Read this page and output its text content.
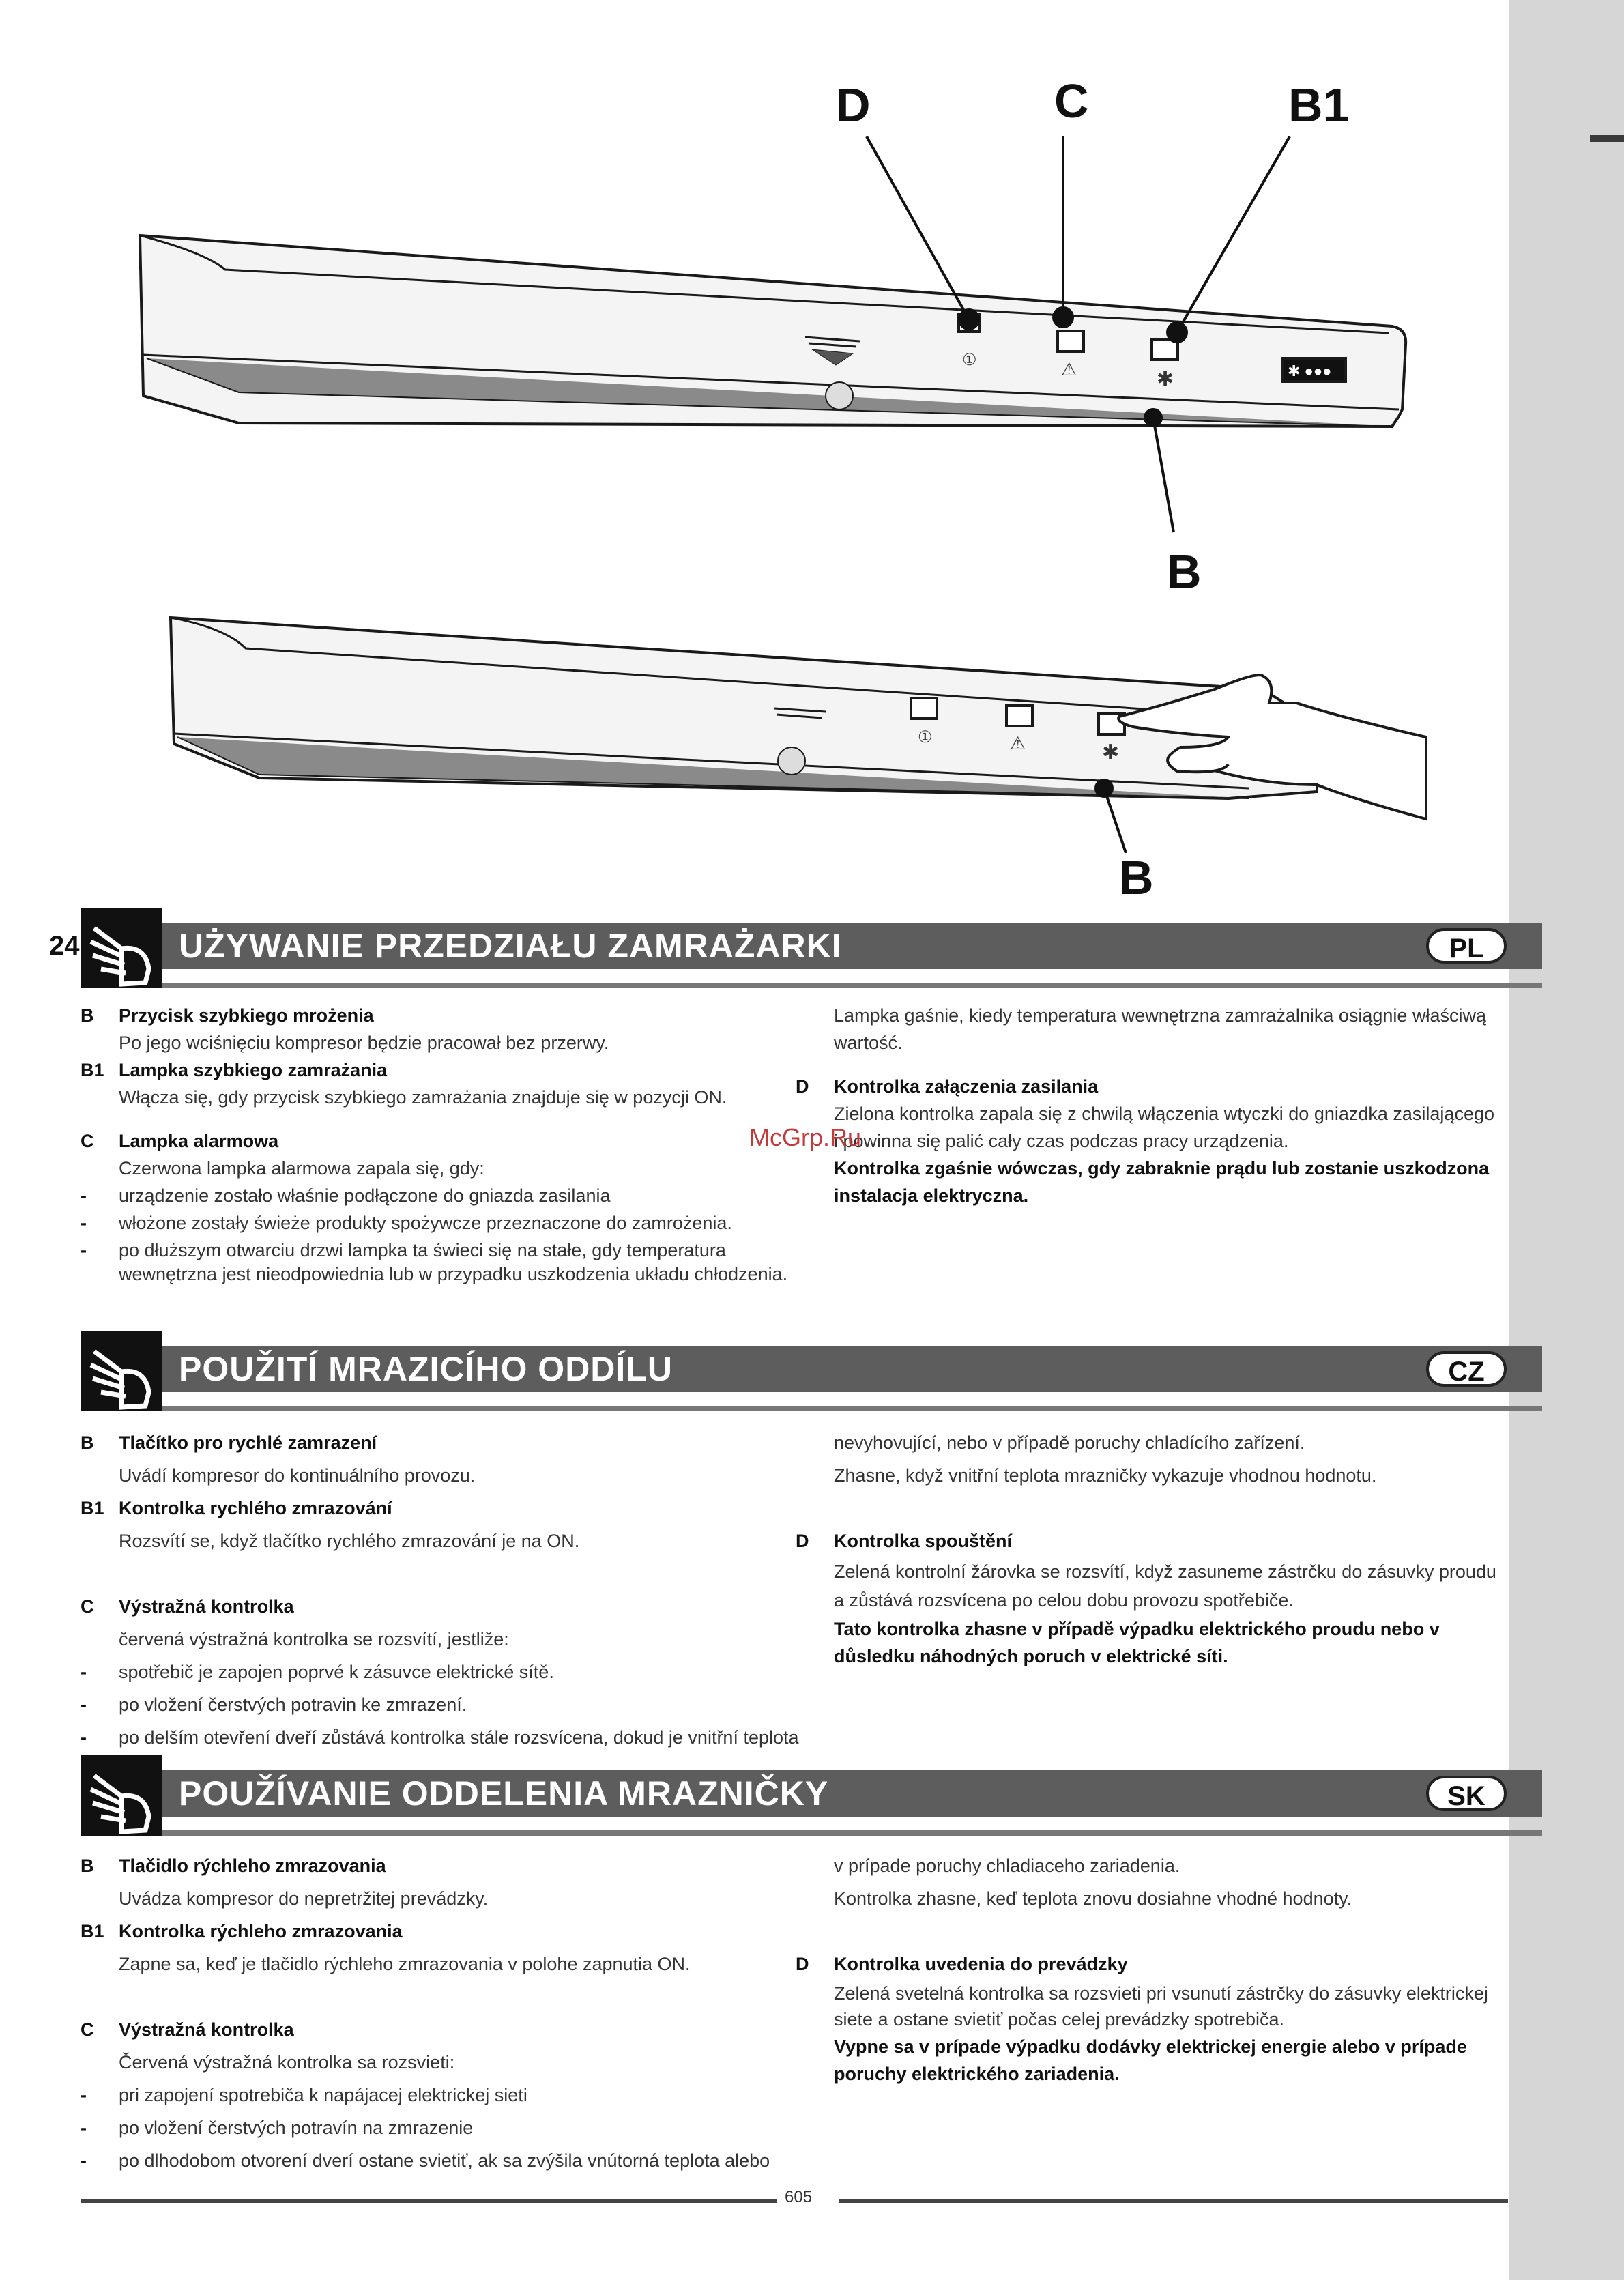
①	⚠	✱	✱ ●●●
D	C	B1
B
①	⚠	✱
B
24	UŻYWANIE PRZEDZIAŁU ZAMRAŻARKI	PL
B Przycisk szybkiego mrożenia
Po jego wciśnięciu kompresor będzie pracował bez przerwy.
B1 Lampka szybkiego zamrażania
Włącza się, gdy przycisk szybkiego zamrażania znajduje się w pozycji ON.
C Lampka alarmowa
Czerwona lampka alarmowa zapala się, gdy:
- urządzenie zostało właśnie podłączone do gniazda zasilania
- włożone zostały świeże produkty spożywcze przeznaczone do zamrożenia.
- po dłuższym otwarciu drzwi lampka ta świeci się na stałe, gdy temperatura
wewnętrzna jest nieodpowiednia lub w przypadku uszkodzenia układu chłodzenia.
Lampka gaśnie, kiedy temperatura wewnętrzna zamrażalnika osiągnie właściwą
wartość.
D Kontrolka załączenia zasilania
Zielona kontrolka zapala się z chwilą włączenia wtyczki do gniazdka zasilającego
i powinna się palić cały czas podczas pracy urządzenia.
Kontrolka zgaśnie wówczas, gdy zabraknie prądu lub zostanie uszkodzona
instalacja elektryczna.
POUŽITÍ MRAZICÍHO ODDÍLU	CZ
B Tlačítko pro rychlé zamrazení
Uvádí kompresor do kontinuálního provozu.
B1 Kontrolka rychlého zmrazování
Rozsvítí se, když tlačítko rychlého zmrazování je na ON.
C Výstražná kontrolka
červená výstražná kontrolka se rozsvítí, jestliže:
- spotřebič je zapojen poprvé k zásuvce elektrické sítě.
- po vložení čerstvých potravin ke zmrazení.
- po delším otevření dveří zůstává kontrolka stále rozsvícena, dokud je vnitřní teplota
nevyhovující, nebo v případě poruchy chladícího zařízení.
Zhasne, když vnitřní teplota mrazničky vykazuje vhodnou hodnotu.
D Kontrolka spouštění
Zelená kontrolní žárovka se rozsvítí, když zasuneme zástrčku do zásuvky proudu
a zůstává rozsvícena po celou dobu provozu spotřebiče.
Tato kontrolka zhasne v případě výpadku elektrického proudu nebo v
důsledku náhodných poruch v elektrické síti.
POUŽÍVANIE ODDELENIA MRAZNIČKY	SK
B Tlačidlo rýchleho zmrazovania
Uvádza kompresor do nepretržitej prevádzky.
B1 Kontrolka rýchleho zmrazovania
Zapne sa, keď je tlačidlo rýchleho zmrazovania v polohe zapnutia ON.
C Výstražná kontrolka
Červená výstražná kontrolka sa rozsvieti:
- pri zapojení spotrebiča k napájacej elektrickej sieti
- po vložení čerstvých potravín na zmrazenie
- po dlhodobom otvorení dverí ostane svietiť, ak sa zvýšila vnútorná teplota alebo
v prípade poruchy chladiaceho zariadenia.
Kontrolka zhasne, keď teplota znovu dosiahne vhodné hodnoty.
D Kontrolka uvedenia do prevádzky
Zelená svetelná kontrolka sa rozsvieti pri vsunutí zástrčky do zásuvky elektrickej
siete a ostane svietiť počas celej prevádzky spotrebiča.
Vypne sa v prípade výpadku dodávky elektrickej energie alebo v prípade
poruchy elektrického zariadenia.
605
McGrp.Ru
